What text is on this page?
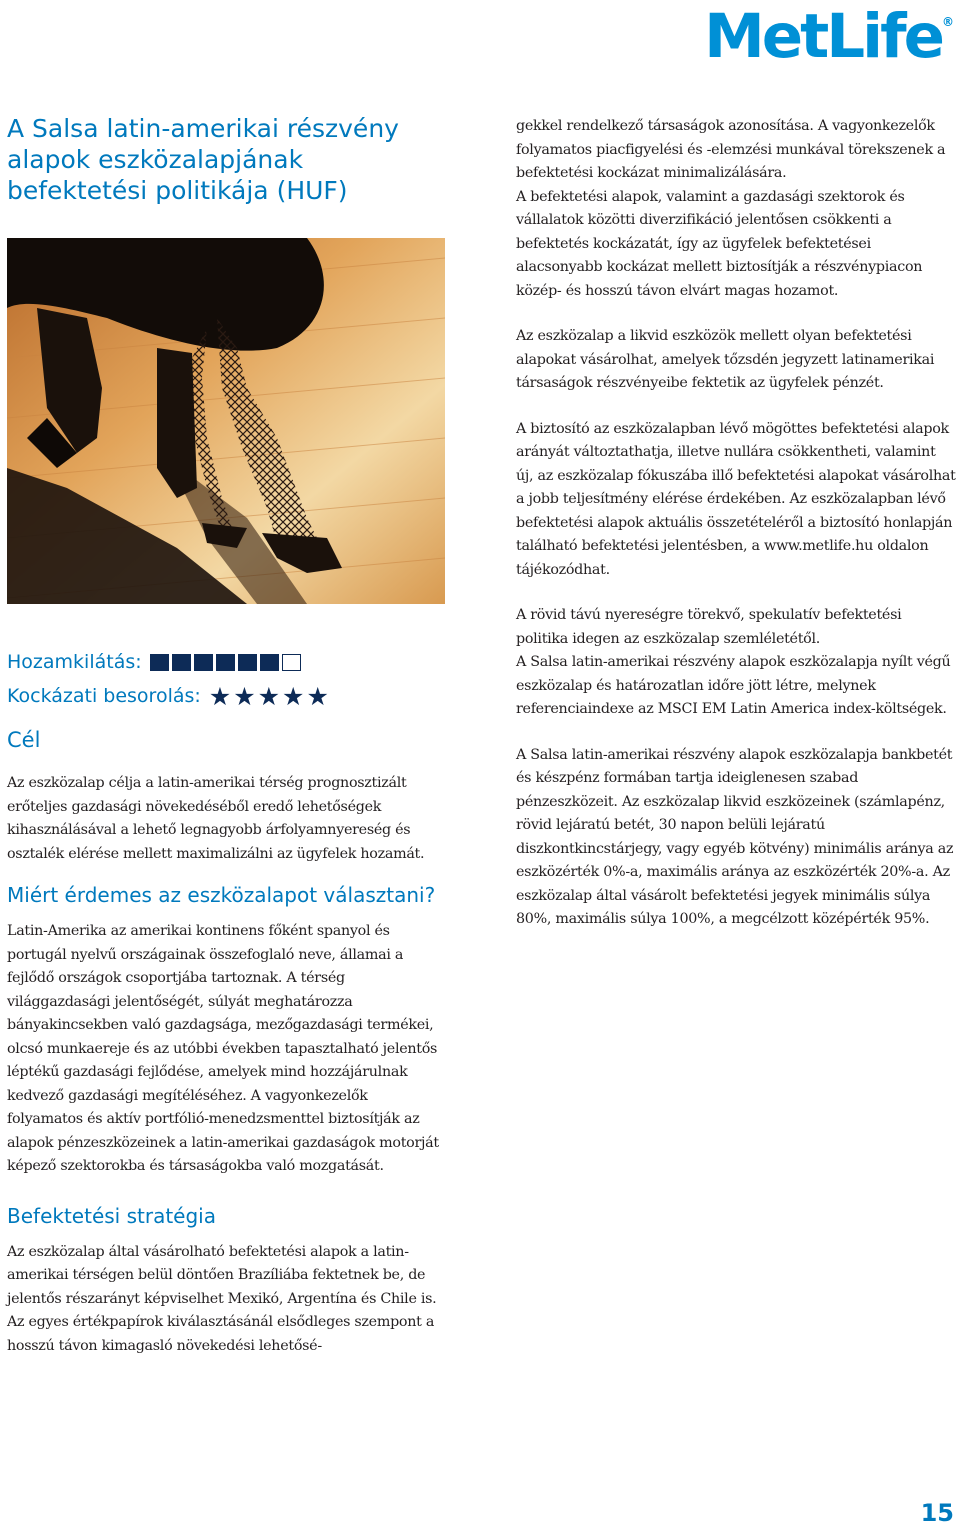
MetLife®
A Salsa latin-amerikai részvény alapok eszközalapjának befektetési politikája (HUF)
Hozamkilátás:
Kockázati besorolás: ★★★★★
Cél

Az eszközalap célja a latin-amerikai térség prognosztizált erőteljes gazdasági növekedéséből eredő lehetőségek kihasználásával a lehető legnagyobb árfolyamnyereség és osztalék elérése mellett maximalizálni az ügyfelek hozamát.

Miért érdemes az eszközalapot választani?

Latin-Amerika az amerikai kontinens főként spanyol és portugál nyelvű országainak összefoglaló neve, államai a fejlődő országok csoportjába tartoznak. A térség világgazdasági jelentőségét, súlyát meghatározza bányakincsekben való gazdagsága, mezőgazdasági termékei, olcsó munkaereje és az utóbbi években tapasztalható jelentős léptékű gazdasági fejlődése, amelyek mind hozzájárulnak kedvező gazdasági megítéléséhez. A vagyonkezelők folyamatos és aktív portfólió-menedzsmenttel biztosítják az alapok pénzeszközeinek a latin-amerikai gazdaságok motorját képező szektorokba és társaságokba való mozgatását.

Befektetési stratégia

Az eszközalap által vásárolható befektetési alapok a latin-amerikai térségen belül döntően Brazíliába fektetnek be, de jelentős részarányt képviselhet Mexikó, Argentína és Chile is.

Az egyes értékpapírok kiválasztásánál elsődleges szempont a hosszú távon kimagasló növekedési lehetősé-

gekkel rendelkező társaságok azonosítása. A vagyonkezelők folyamatos piacfigyelési és -elemzési munkával törekszenek a befektetési kockázat minimalizálására.

A befektetési alapok, valamint a gazdasági szektorok és vállalatok közötti diverzifikáció jelentősen csökkenti a befektetés kockázatát, így az ügyfelek befektetései alacsonyabb kockázat mellett biztosítják a részvénypiacon közép- és hosszú távon elvárt magas hozamot.

Az eszközalap a likvid eszközök mellett olyan befektetési alapokat vásárolhat, amelyek tőzsdén jegyzett latinamerikai társaságok részvényeibe fektetik az ügyfelek pénzét.

A biztosító az eszközalapban lévő mögöttes befektetési alapok arányát változtathatja, illetve nullára csökkentheti, valamint új, az eszközalap fókuszába illő befektetési alapokat vásárolhat a jobb teljesítmény elérése érdekében. Az eszközalapban lévő befektetési alapok aktuális összetételéről a biztosító honlapján található befektetési jelentésben, a www.metlife.hu oldalon tájékozódhat.

A rövid távú nyereségre törekvő, spekulatív befektetési politika idegen az eszközalap szemléletétől.

A Salsa latin-amerikai részvény alapok eszközalapja nyílt végű eszközalap és határozatlan időre jött létre, melynek referenciaindexe az MSCI EM Latin America index-költségek.

A Salsa latin-amerikai részvény alapok eszközalapja bankbetét és készpénz formában tartja ideiglenesen szabad pénzeszközeit. Az eszközalap likvid eszközeinek (számlapénz, rövid lejáratú betét, 30 napon belüli lejáratú diszkontkincstárjegy, vagy egyéb kötvény) minimális aránya az eszközérték 0%-a, maximális aránya az eszközérték 20%-a. Az eszközalap által vásárolt befektetési jegyek minimális súlya 80%, maximális súlya 100%, a megcélzott középérték 95%.

15
